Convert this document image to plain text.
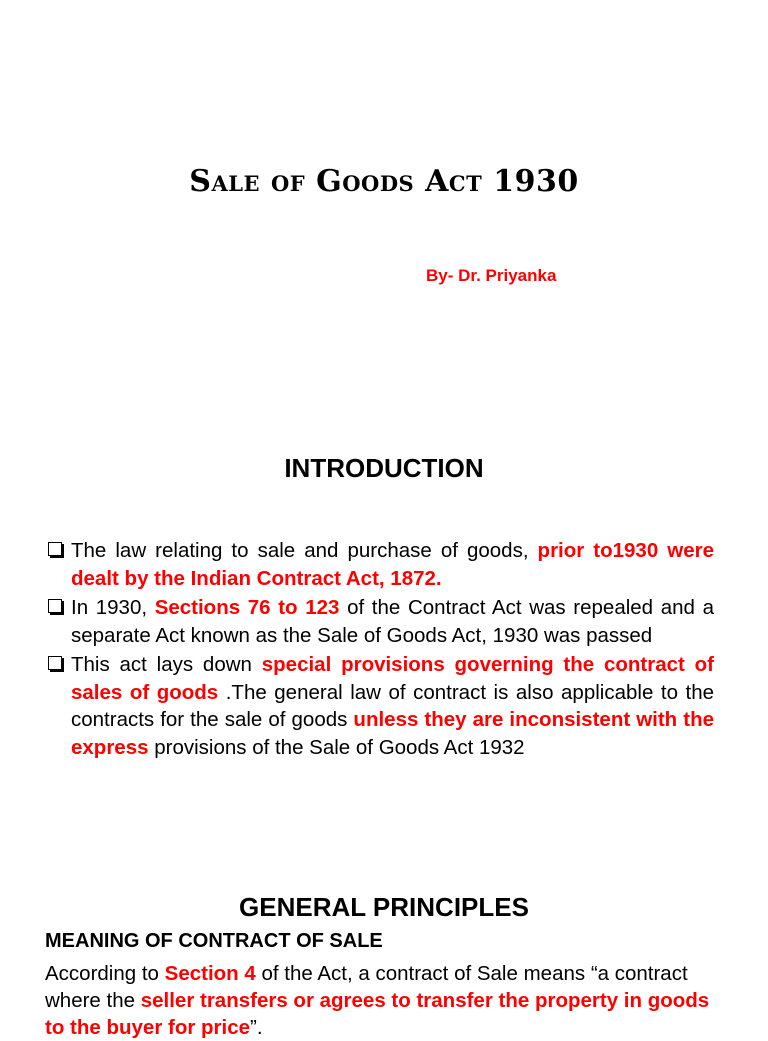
Sale of Goods Act 1930
By- Dr. Priyanka
INTRODUCTION
The law relating to sale and purchase of goods, prior to1930 were dealt by the Indian Contract Act, 1872.
In 1930, Sections 76 to 123 of the Contract Act was repealed and a separate Act known as the Sale of Goods Act, 1930 was passed
This act lays down special provisions governing the contract of sales of goods .The general law of contract is also applicable to the contracts for the sale of goods unless they are inconsistent with the express provisions of the Sale of Goods Act 1932
GENERAL PRINCIPLES
MEANING OF CONTRACT OF SALE
According to Section 4 of the Act, a contract of Sale means “a contract where the seller transfers or agrees to transfer the property in goods to the buyer for price”.
